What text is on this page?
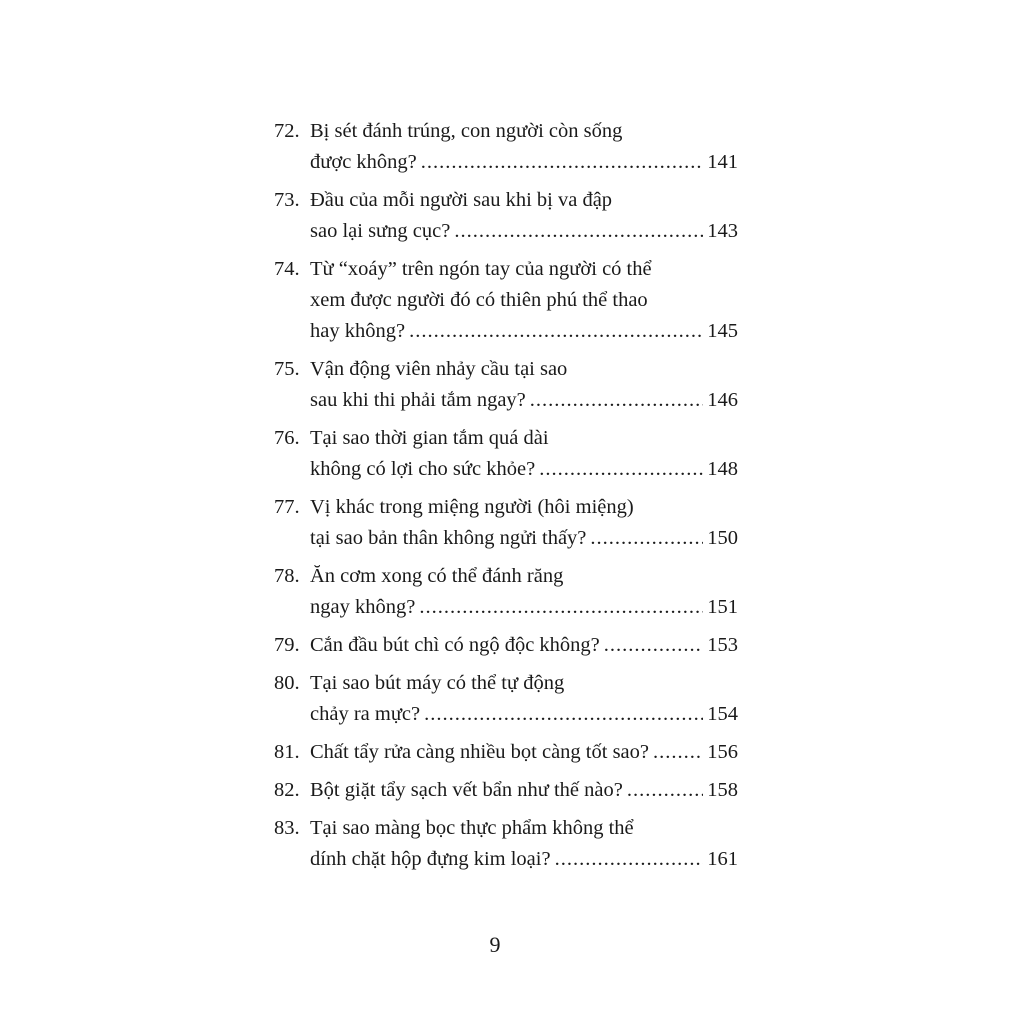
72. Bị sét đánh trúng, con người còn sống
được không? .....	141
73. Đầu của mỗi người sau khi bị va đập
sao lại sưng cục? .....	143
74. Từ “xoáy” trên ngón tay của người có thể
xem được người đó có thiên phú thể thao
hay không? .....	145
75. Vận động viên nhảy cầu tại sao
sau khi thi phải tắm ngay? .....	146
76. Tại sao thời gian tắm quá dài
không có lợi cho sức khỏe? .....	148
77. Vị khác trong miệng người (hôi miệng)
tại sao bản thân không ngửi thấy? .....	150
78. Ăn cơm xong có thể đánh răng
ngay không? .....	151
79. Cắn đầu bút chì có ngộ độc không? .....	153
80. Tại sao bút máy có thể tự động
chảy ra mực? .....	154
81. Chất tẩy rửa càng nhiều bọt càng tốt sao? .....	156
82. Bột giặt tẩy sạch vết bẩn như thế nào? .....	158
83. Tại sao màng bọc thực phẩm không thể
dính chặt hộp đựng kim loại? .....	161
9
